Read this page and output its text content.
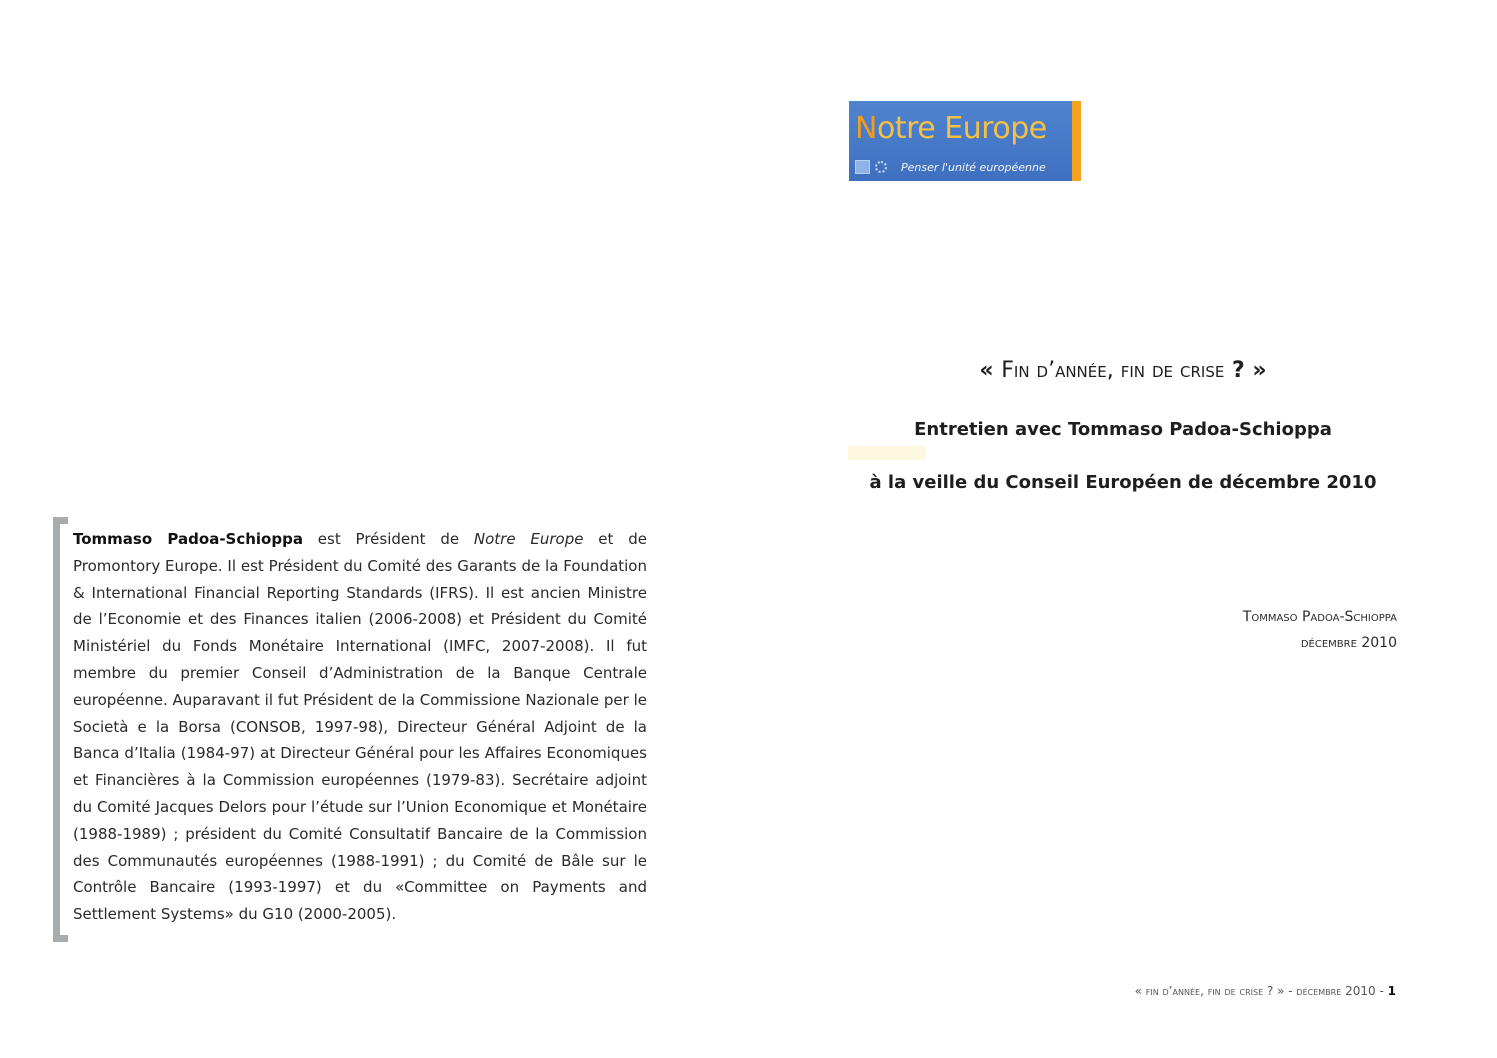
Notre Europe
Penser l'unité européenne
« Fin d’année, fin de crise ? »
Entretien avec Tommaso Padoa-Schioppa
à la veille du Conseil Européen de décembre 2010
Tommaso Padoa-Schioppa
décembre 2010
Tommaso Padoa-Schioppa est Président de Notre Europe et de Promontory Europe. Il est Président du Comité des Garants de la Foundation & International Financial Reporting Standards (IFRS). Il est ancien Ministre de l’Economie et des Finances italien (2006-2008) et Président du Comité Ministériel du Fonds Monétaire International (IMFC, 2007-2008). Il fut membre du premier Conseil d’Administration de la Banque Centrale européenne. Auparavant il fut Président de la Commissione Nazionale per le Società e la Borsa (CONSOB, 1997-98), Directeur Général Adjoint de la Banca d’Italia (1984-97) at Directeur Général pour les Affaires Economiques et Financières à la Commission européennes (1979-83). Secrétaire adjoint du Comité Jacques Delors pour l’étude sur l’Union Economique et Monétaire (1988-1989) ; président du Comité Consultatif Bancaire de la Commission des Communautés européennes (1988-1991) ; du Comité de Bâle sur le Contrôle Bancaire (1993-1997) et du «Committee on Payments and Settlement Systems» du G10 (2000-2005).
« fin d’année, fin de crise ? » - décembre 2010 - 1
